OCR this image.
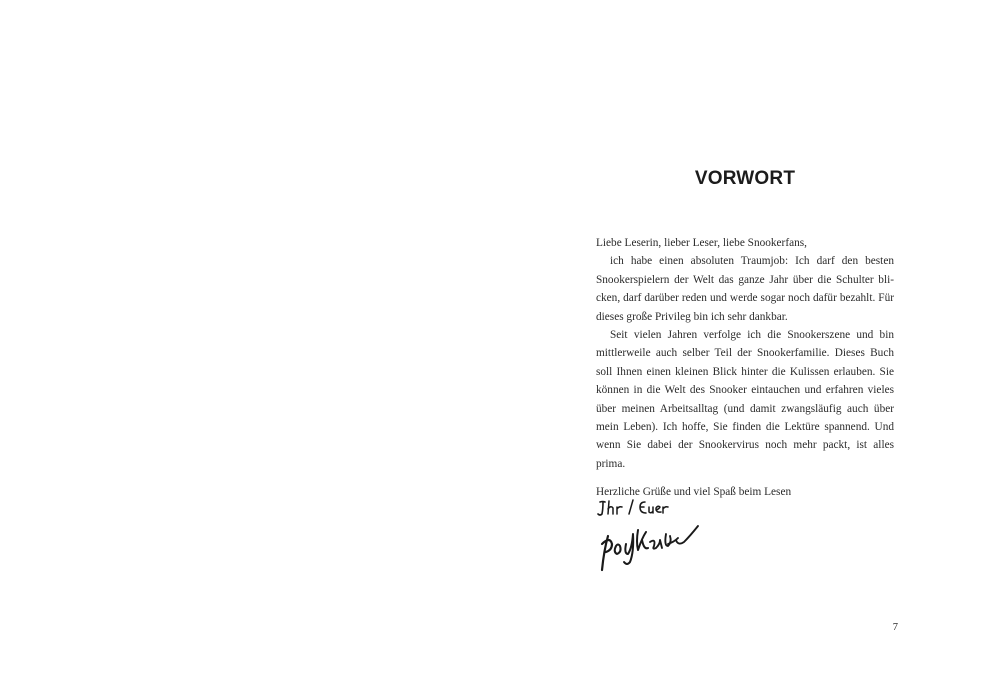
VORWORT

Liebe Leserin, lieber Leser, liebe Snookerfans,

ich habe einen absoluten Traumjob: Ich darf den besten Snookerspielern der Welt das ganze Jahr über die Schulter blicken, darf darüber reden und werde sogar noch dafür bezahlt. Für dieses große Privileg bin ich sehr dankbar.

Seit vielen Jahren verfolge ich die Snookerszene und bin mittlerweile auch selber Teil der Snookerfamilie. Dieses Buch soll Ihnen einen kleinen Blick hinter die Kulissen erlauben. Sie können in die Welt des Snooker eintauchen und erfahren vieles über meinen Arbeitsalltag (und damit zwangsläufig auch über mein Leben). Ich hoffe, Sie finden die Lektüre spannend. Und wenn Sie dabei der Snookervirus noch mehr packt, ist alles prima.

Herzliche Grüße und viel Spaß beim Lesen

7
